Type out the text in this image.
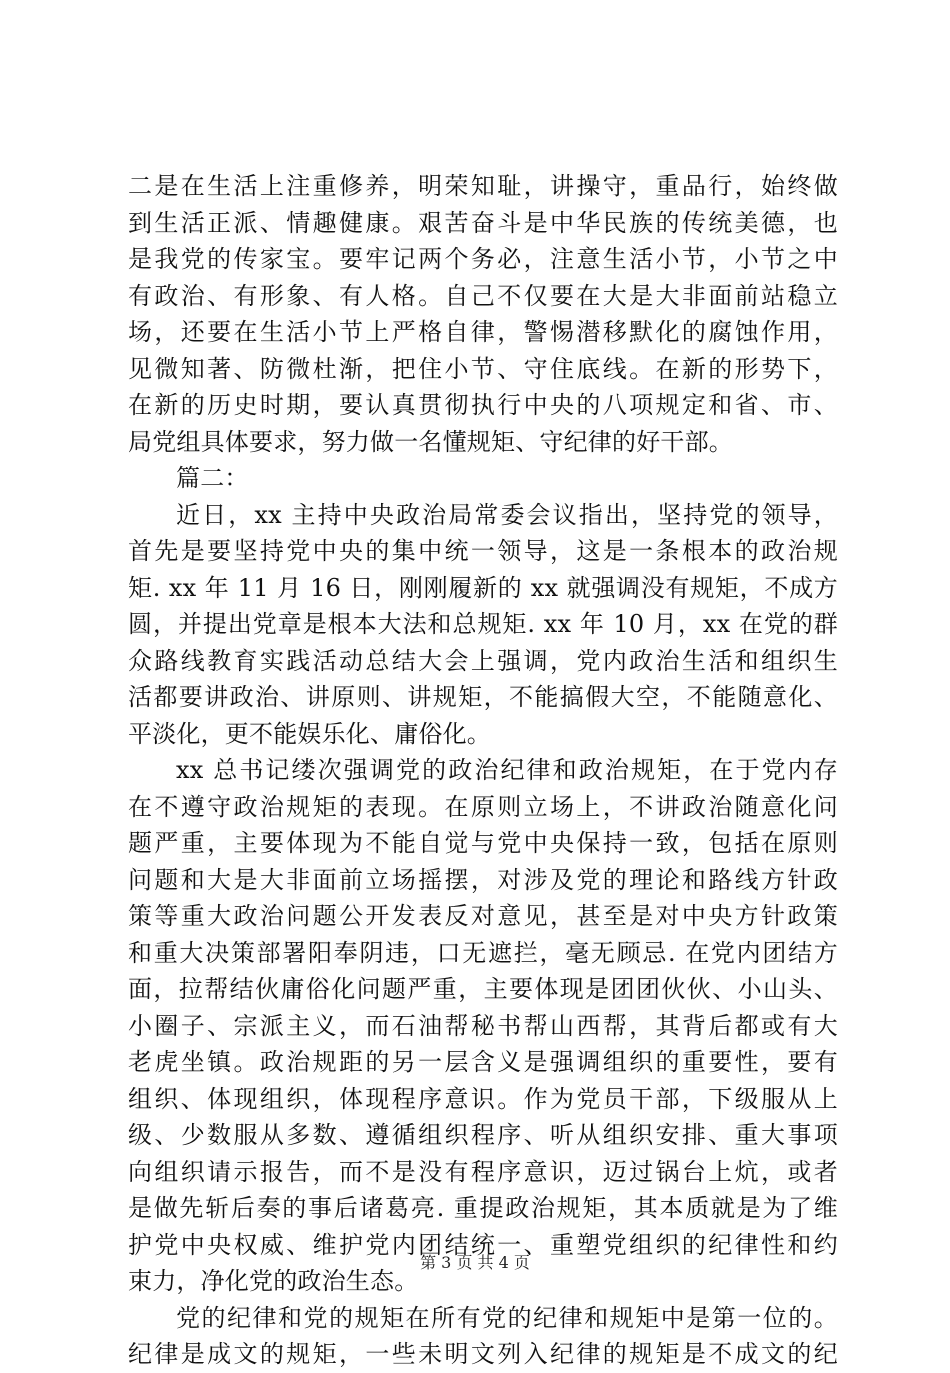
二是在生活上注重修养，明荣知耻，讲操守，重品行，始终做
到生活正派、情趣健康。艰苦奋斗是中华民族的传统美德，也
是我党的传家宝。要牢记两个务必，注意生活小节，小节之中
有政治、有形象、有人格。自己不仅要在大是大非面前站稳立
场，还要在生活小节上严格自律，警惕潜移默化的腐蚀作用，
见微知著、防微杜渐，把住小节、守住底线。在新的形势下，
在新的历史时期，要认真贯彻执行中央的八项规定和省、市、
局党组具体要求，努力做一名懂规矩、守纪律的好干部。
篇二：
近日，xx 主持中央政治局常委会议指出，坚持党的领导，
首先是要坚持党中央的集中统一领导，这是一条根本的政治规
矩. xx 年 11 月 16 日，刚刚履新的 xx 就强调没有规矩，不成方
圆，并提出党章是根本大法和总规矩. xx 年 10 月，xx 在党的群
众路线教育实践活动总结大会上强调，党内政治生活和组织生
活都要讲政治、讲原则、讲规矩，不能搞假大空，不能随意化、
平淡化，更不能娱乐化、庸俗化。
xx 总书记缕次强调党的政治纪律和政治规矩，在于党内存
在不遵守政治规矩的表现。在原则立场上，不讲政治随意化问
题严重，主要体现为不能自觉与党中央保持一致，包括在原则
问题和大是大非面前立场摇摆，对涉及党的理论和路线方针政
策等重大政治问题公开发表反对意见，甚至是对中央方针政策
和重大决策部署阳奉阴违，口无遮拦，毫无顾忌. 在党内团结方
面，拉帮结伙庸俗化问题严重，主要体现是团团伙伙、小山头、
小圈子、宗派主义，而石油帮秘书帮山西帮，其背后都或有大
老虎坐镇。政治规距的另一层含义是强调组织的重要性，要有
组织、体现组织，体现程序意识。作为党员干部，下级服从上
级、少数服从多数、遵循组织程序、听从组织安排、重大事项
向组织请示报告，而不是没有程序意识，迈过锅台上炕，或者
是做先斩后奏的事后诸葛亮. 重提政治规矩，其本质就是为了维
护党中央权威、维护党内团结统一、重塑党组织的纪律性和约
束力，净化党的政治生态。
党的纪律和党的规矩在所有党的纪律和规矩中是第一位的。
纪律是成文的规矩，一些未明文列入纪律的规矩是不成文的纪
第 3 页 共 4 页
